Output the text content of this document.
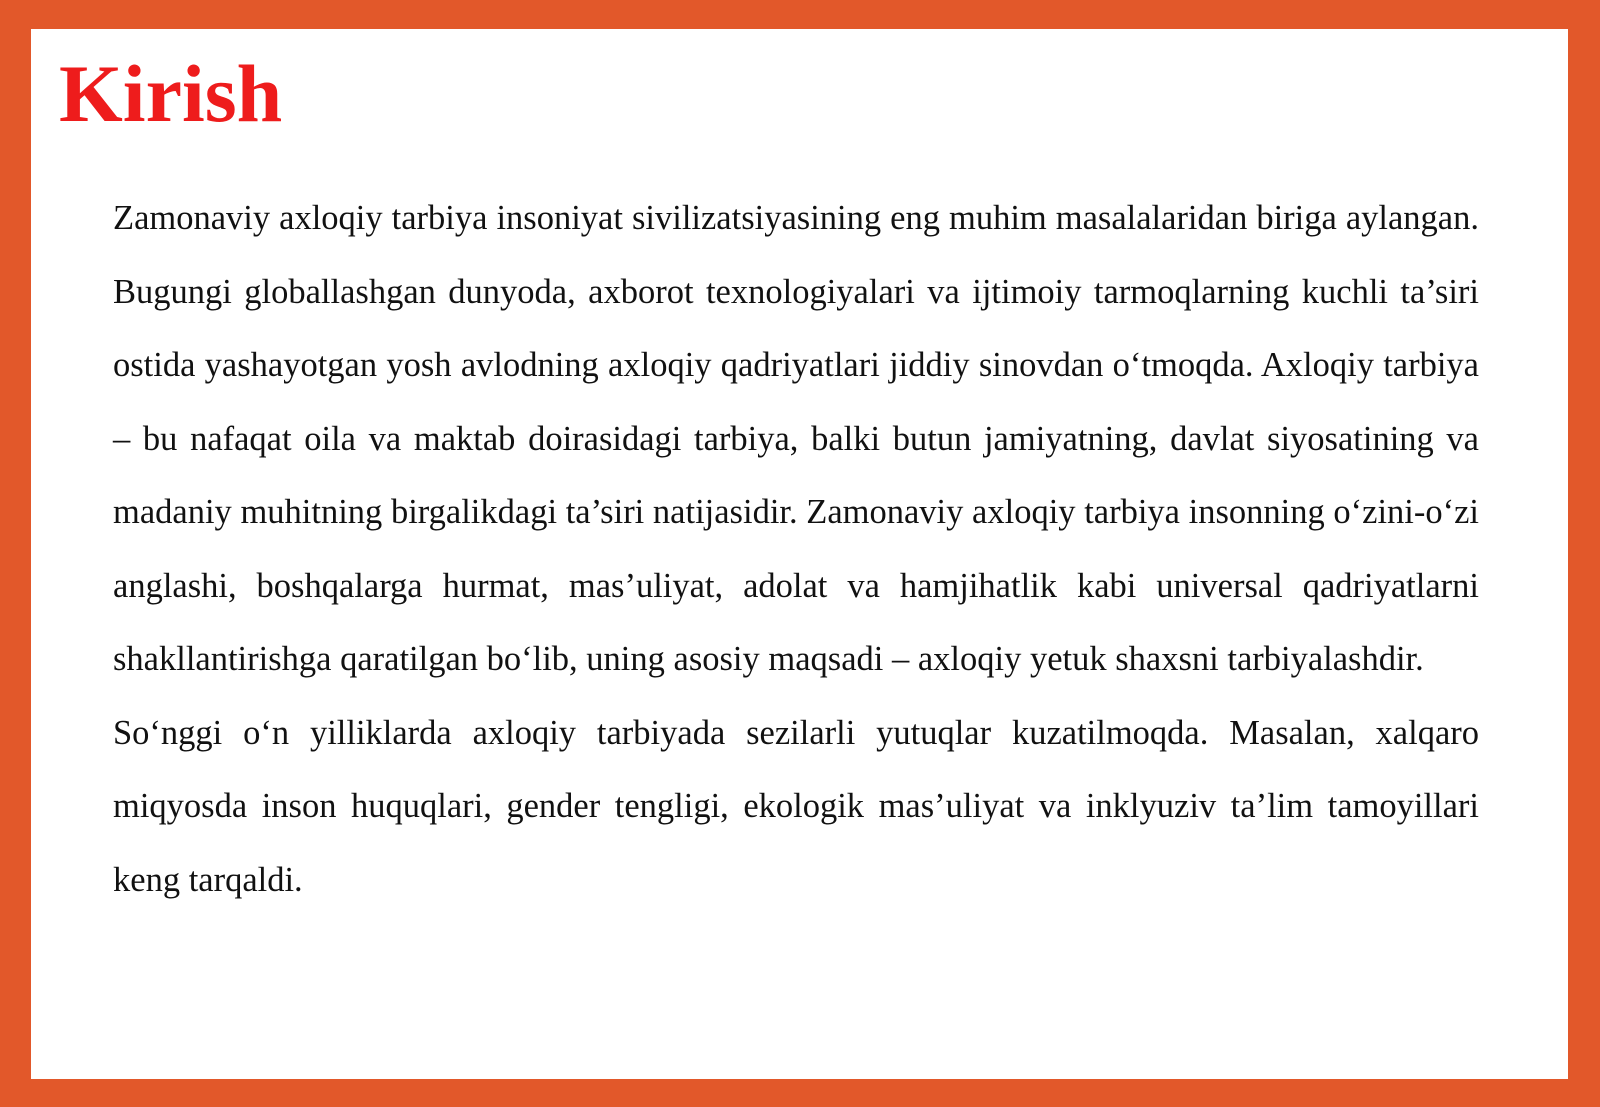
Kirish

Zamonaviy axloqiy tarbiya insoniyat sivilizatsiyasining eng muhim masalalaridan biriga aylangan. Bugungi globallashgan dunyoda, axborot texnologiyalari va ijtimoiy tarmoqlarning kuchli ta’siri ostida yashayotgan yosh avlodning axloqiy qadriyatlari jiddiy sinovdan o‘tmoqda. Axloqiy tarbiya – bu nafaqat oila va maktab doirasidagi tarbiya, balki butun jamiyatning, davlat siyosatining va madaniy muhitning birgalikdagi ta’siri natijasidir. Zamonaviy axloqiy tarbiya insonning o‘zini-o‘zi anglashi, boshqalarga hurmat, mas’uliyat, adolat va hamjihatlik kabi universal qadriyatlarni shakllantirishga qaratilgan bo‘lib, uning asosiy maqsadi – axloqiy yetuk shaxsni tarbiyalashdir.

So‘nggi o‘n yilliklarda axloqiy tarbiyada sezilarli yutuqlar kuzatilmoqda. Masalan, xalqaro miqyosda inson huquqlari, gender tengligi, ekologik mas’uliyat va inklyuziv ta’lim tamoyillari keng tarqaldi.
